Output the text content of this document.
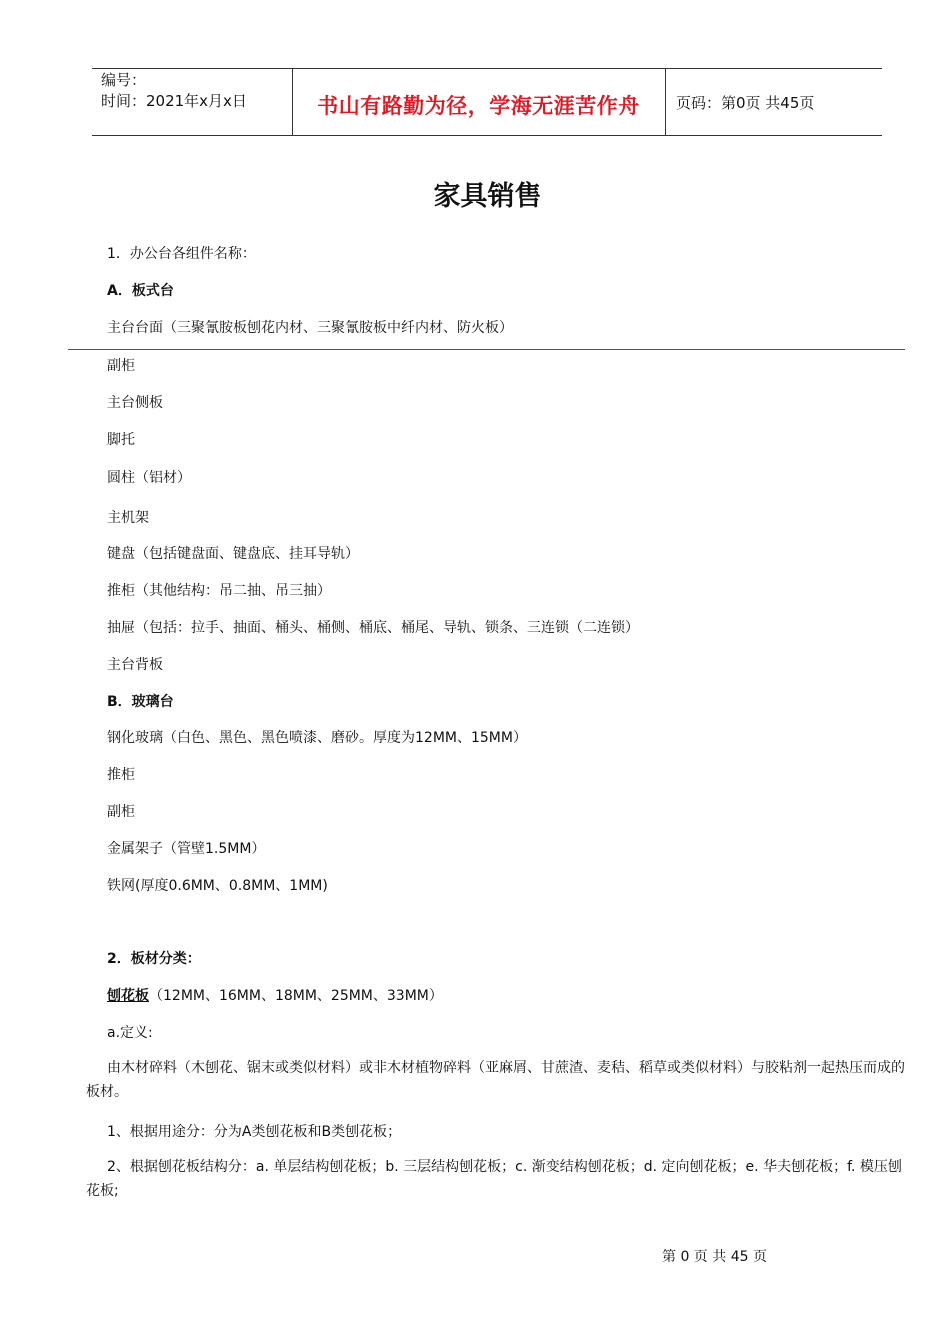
编号：
时间：2021年x月x日	书山有路勤为径，学海无涯苦作舟	页码：第0页 共45页
家具销售
1．办公台各组件名称：
A．板式台
主台台面（三聚氰胺板刨花内材、三聚氰胺板中纤内材、防火板）
副柜
主台侧板
脚托
圆柱（铝材）
主机架
键盘（包括键盘面、键盘底、挂耳导轨）
推柜（其他结构：吊二抽、吊三抽）
抽屉（包括：拉手、抽面、桶头、桶侧、桶底、桶尾、导轨、锁条、三连锁（二连锁）
主台背板
B．玻璃台
钢化玻璃（白色、黑色、黑色喷漆、磨砂。厚度为12MM、15MM）
推柜
副柜
金属架子（管壁1.5MM）
铁网(厚度0.6MM、0.8MM、1MM)
2．板材分类：
刨花板（12MM、16MM、18MM、25MM、33MM）
a.定义:
由木材碎料（木刨花、锯末或类似材料）或非木材植物碎料（亚麻屑、甘蔗渣、麦秸、稻草或类似材料）与胶粘剂一起热压而成的板材。
1、根据用途分：分为A类刨花板和B类刨花板；
2、根据刨花板结构分：a. 单层结构刨花板；b. 三层结构刨花板；c. 渐变结构刨花板；d. 定向刨花板；e. 华夫刨花板；f. 模压刨花板;
第 0 页 共 45 页
